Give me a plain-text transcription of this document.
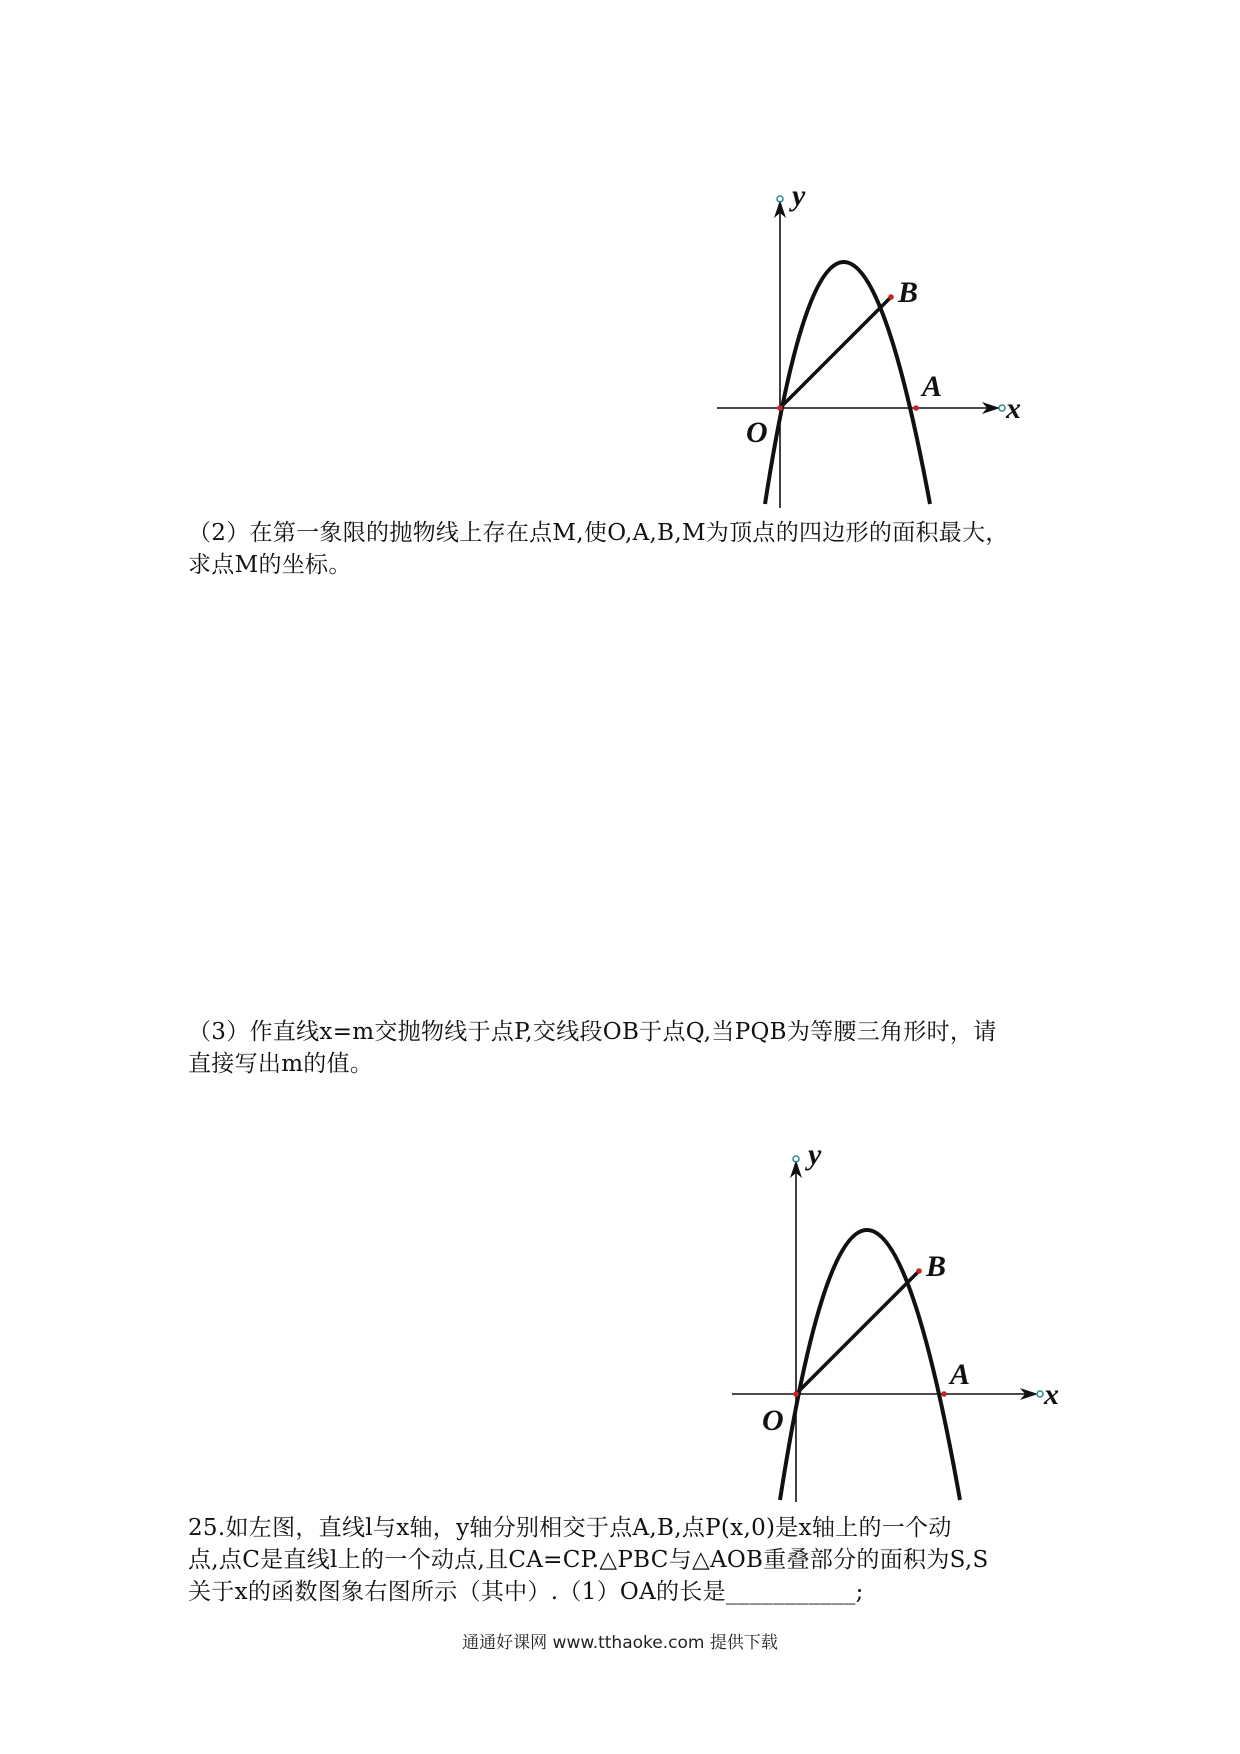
y
x
O
A
B

（2）在第一象限的抛物线上存在点M,使O,A,B,M为顶点的四边形的面积最大，
求点M的坐标。

（3）作直线x=m交抛物线于点P,交线段OB于点Q,当PQB为等腰三角形时，请
直接写出m的值。

y
x
O
A
B

25.如左图，直线l与x轴，y轴分别相交于点A,B,点P(x,0)是x轴上的一个动
点,点C是直线l上的一个动点,且CA=CP.△PBC与△AOB重叠部分的面积为S,S
关于x的函数图象右图所示（其中）.（1）OA的长是___________;

通通好课网 www.tthaoke.com 提供下载
